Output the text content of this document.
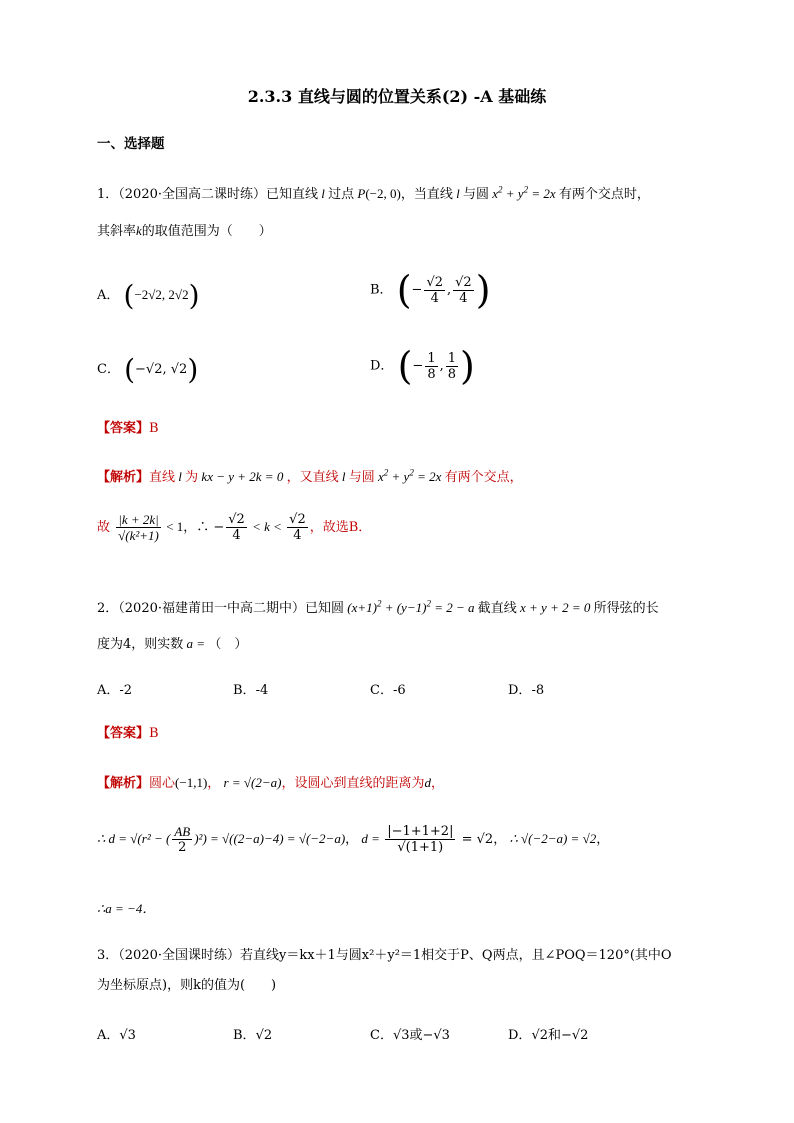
2.3.3 直线与圆的位置关系(2) -A 基础练
一、选择题
1．（2020·全国高二课时练）已知直线 l 过点 P(−2, 0)，当直线 l 与圆 $x^2 + y^2 = 2x$ 有两个交点时，
其斜率k的取值范围为（　　）
A． (−2√2, 2√2)	B． (− $\frac{√2}{4}$ , $\frac{√2}{4}$ )
C． (−√2, √2)	D． (− $\frac{1}{8}$ , $\frac{1}{8}$ )
【答案】B
【解析】直线 l 为 kx − y + 2k = 0 ，又直线 l 与圆 $x^2 + y^2 = 2x$ 有两个交点，
故 $\frac{|k + 2k|}{\text{√(k²+1)}} < 1$，∴ − $\frac{√2}{4} < k < \frac{√2}{4}$ ，故选B．
2．（2020·福建莆田一中高二期中）已知圆 $(x+1)^2 + (y-1)^2 = 2 - a$ 截直线 x + y + 2 = 0 所得弦的长
度为4，则实数 a = （　）
A．-2	B．-4	C．-6	D．-8
【答案】B
【解析】圆心(−1,1)， r = √(2−a)，设圆心到直线的距离为d，
∴ d = √(r² − ( $\frac{AB}{2} )^2) = √((2-a)-4) = √(-2-a)$， $d = \frac{|-1+1+2|}{√(1+1)} = √2$， ∴ √(−2−a) = √2，
∴a = −4．
3．（2020·全国课时练）若直线y＝kx＋1与圆x²＋y²＝1相交于P、Q两点，且∠POQ＝120°(其中O
为坐标原点)，则k的值为(　　)
A．√3	B．√2	C．√3或−√3	D．√2和−√2
